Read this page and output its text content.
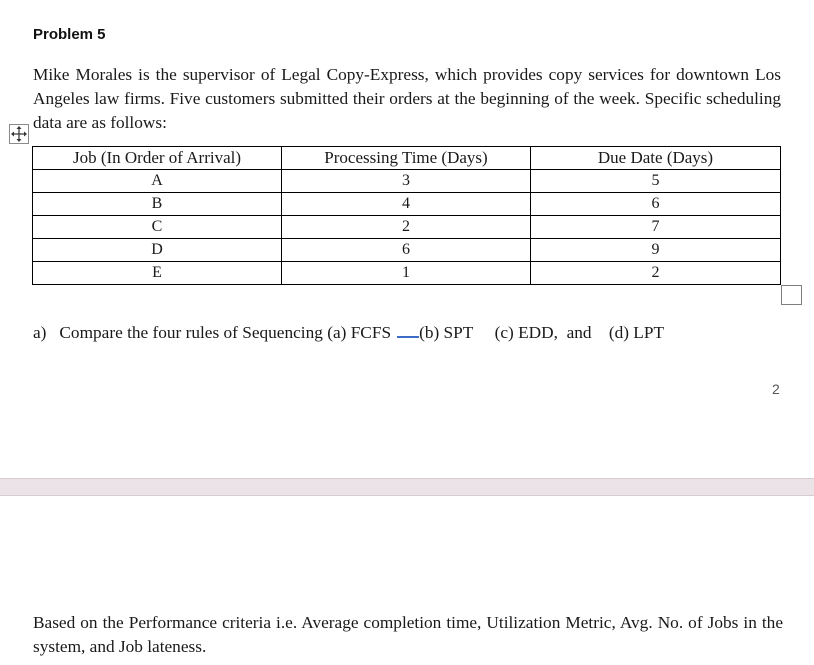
Problem 5
Mike Morales is the supervisor of Legal Copy-Express, which provides copy services for downtown Los Angeles law firms. Five customers submitted their orders at the beginning of the week. Specific scheduling data are as follows:
Job (In Order of Arrival)	Processing Time (Days)	Due Date (Days)
A	3	5
B	4	6
C	2	7
D	6	9
E	1	2
a) Compare the four rules of Sequencing (a) FCFS (b) SPT (c) EDD, and (d) LPT
2
Based on the Performance criteria i.e. Average completion time, Utilization Metric, Avg. No. of Jobs in the system, and Job lateness.
